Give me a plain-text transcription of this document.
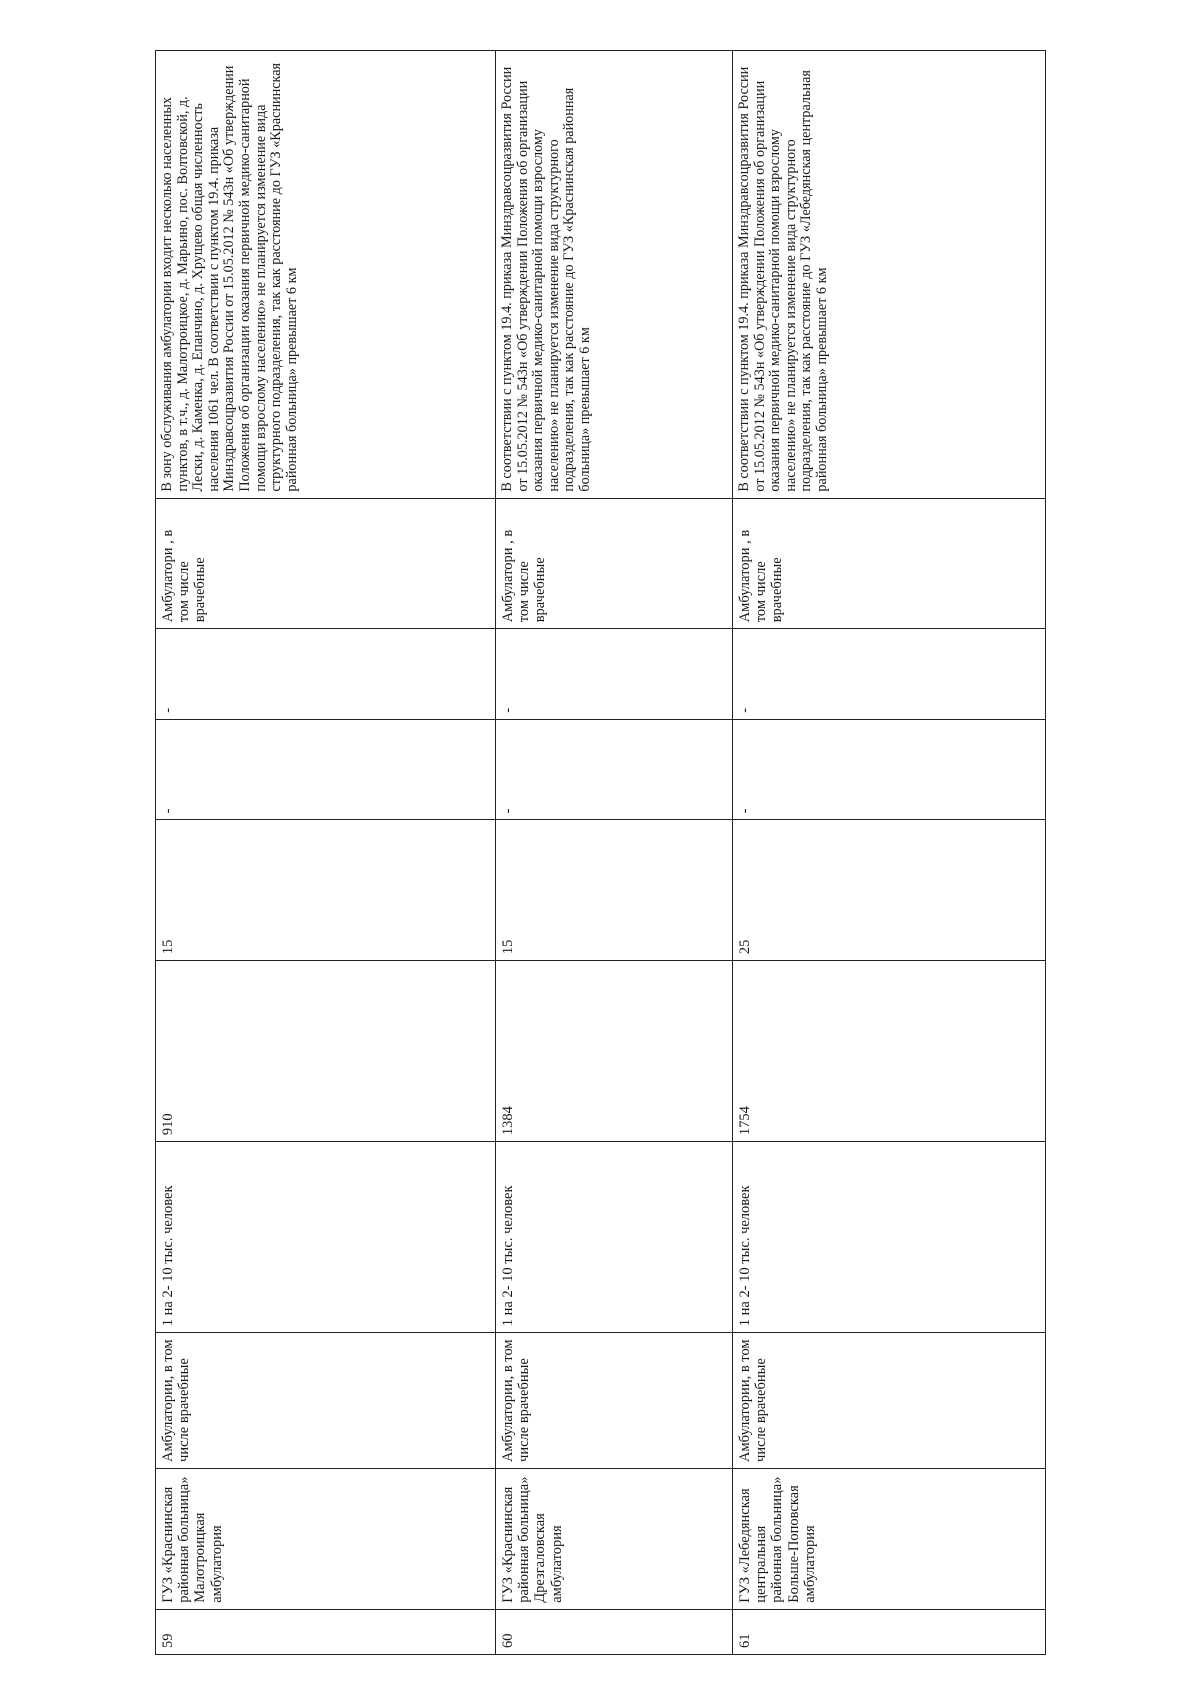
59	ГУЗ «Краснинская районная больница» Малотроицкая амбулатория	Амбулатории, в том числе врачебные	1 на 2- 10 тыс. человек	910	15	-	-	Амбулатори , в том числе врачебные	В зону обслуживания амбулатории входит несколько населенных пунктов, в т.ч., д. Малотроицкое, д. Марьино, пос. Волтовской, д. Лески, д. Каменка, д. Епанчино, д. Хрущево общая численность населения 1061 чел. В соответствии с пунктом 19.4. приказа Минздравсоцразвития России от 15.05.2012 № 543н «Об утверждении Положения об организации оказания первичной медико-санитарной помощи взрослому населению» не планируется изменение вида структурного подразделения, так как расстояние до ГУЗ «Краснинская районная больница» превышает 6 км
60	ГУЗ «Краснинская районная больница» Дрезгаловская амбулатория	Амбулатории, в том числе врачебные	1 на 2- 10 тыс. человек	1384	15	-	-	Амбулатори , в том числе врачебные	В соответствии с пунктом 19.4. приказа Минздравсоцразвития России от 15.05.2012 № 543н «Об утверждении Положения об организации оказания первичной медико-санитарной помощи взрослому населению» не планируется изменение вида структурного подразделения, так как расстояние до ГУЗ «Краснинская районная больница» превышает 6 км
61	ГУЗ «Лебедянская центральная районная больница» Больше-Поповская амбулатория	Амбулатории, в том числе врачебные	1 на 2- 10 тыс. человек	1754	25	-	-	Амбулатори , в том числе врачебные	В соответствии с пунктом 19.4. приказа Минздравсоцразвития России от 15.05.2012 № 543н «Об утверждении Положения об организации оказания первичной медико-санитарной помощи взрослому населению» не планируется изменение вида структурного подразделения, так как расстояние до ГУЗ «Лебедянская центральная районная больница» превышает 6 км
